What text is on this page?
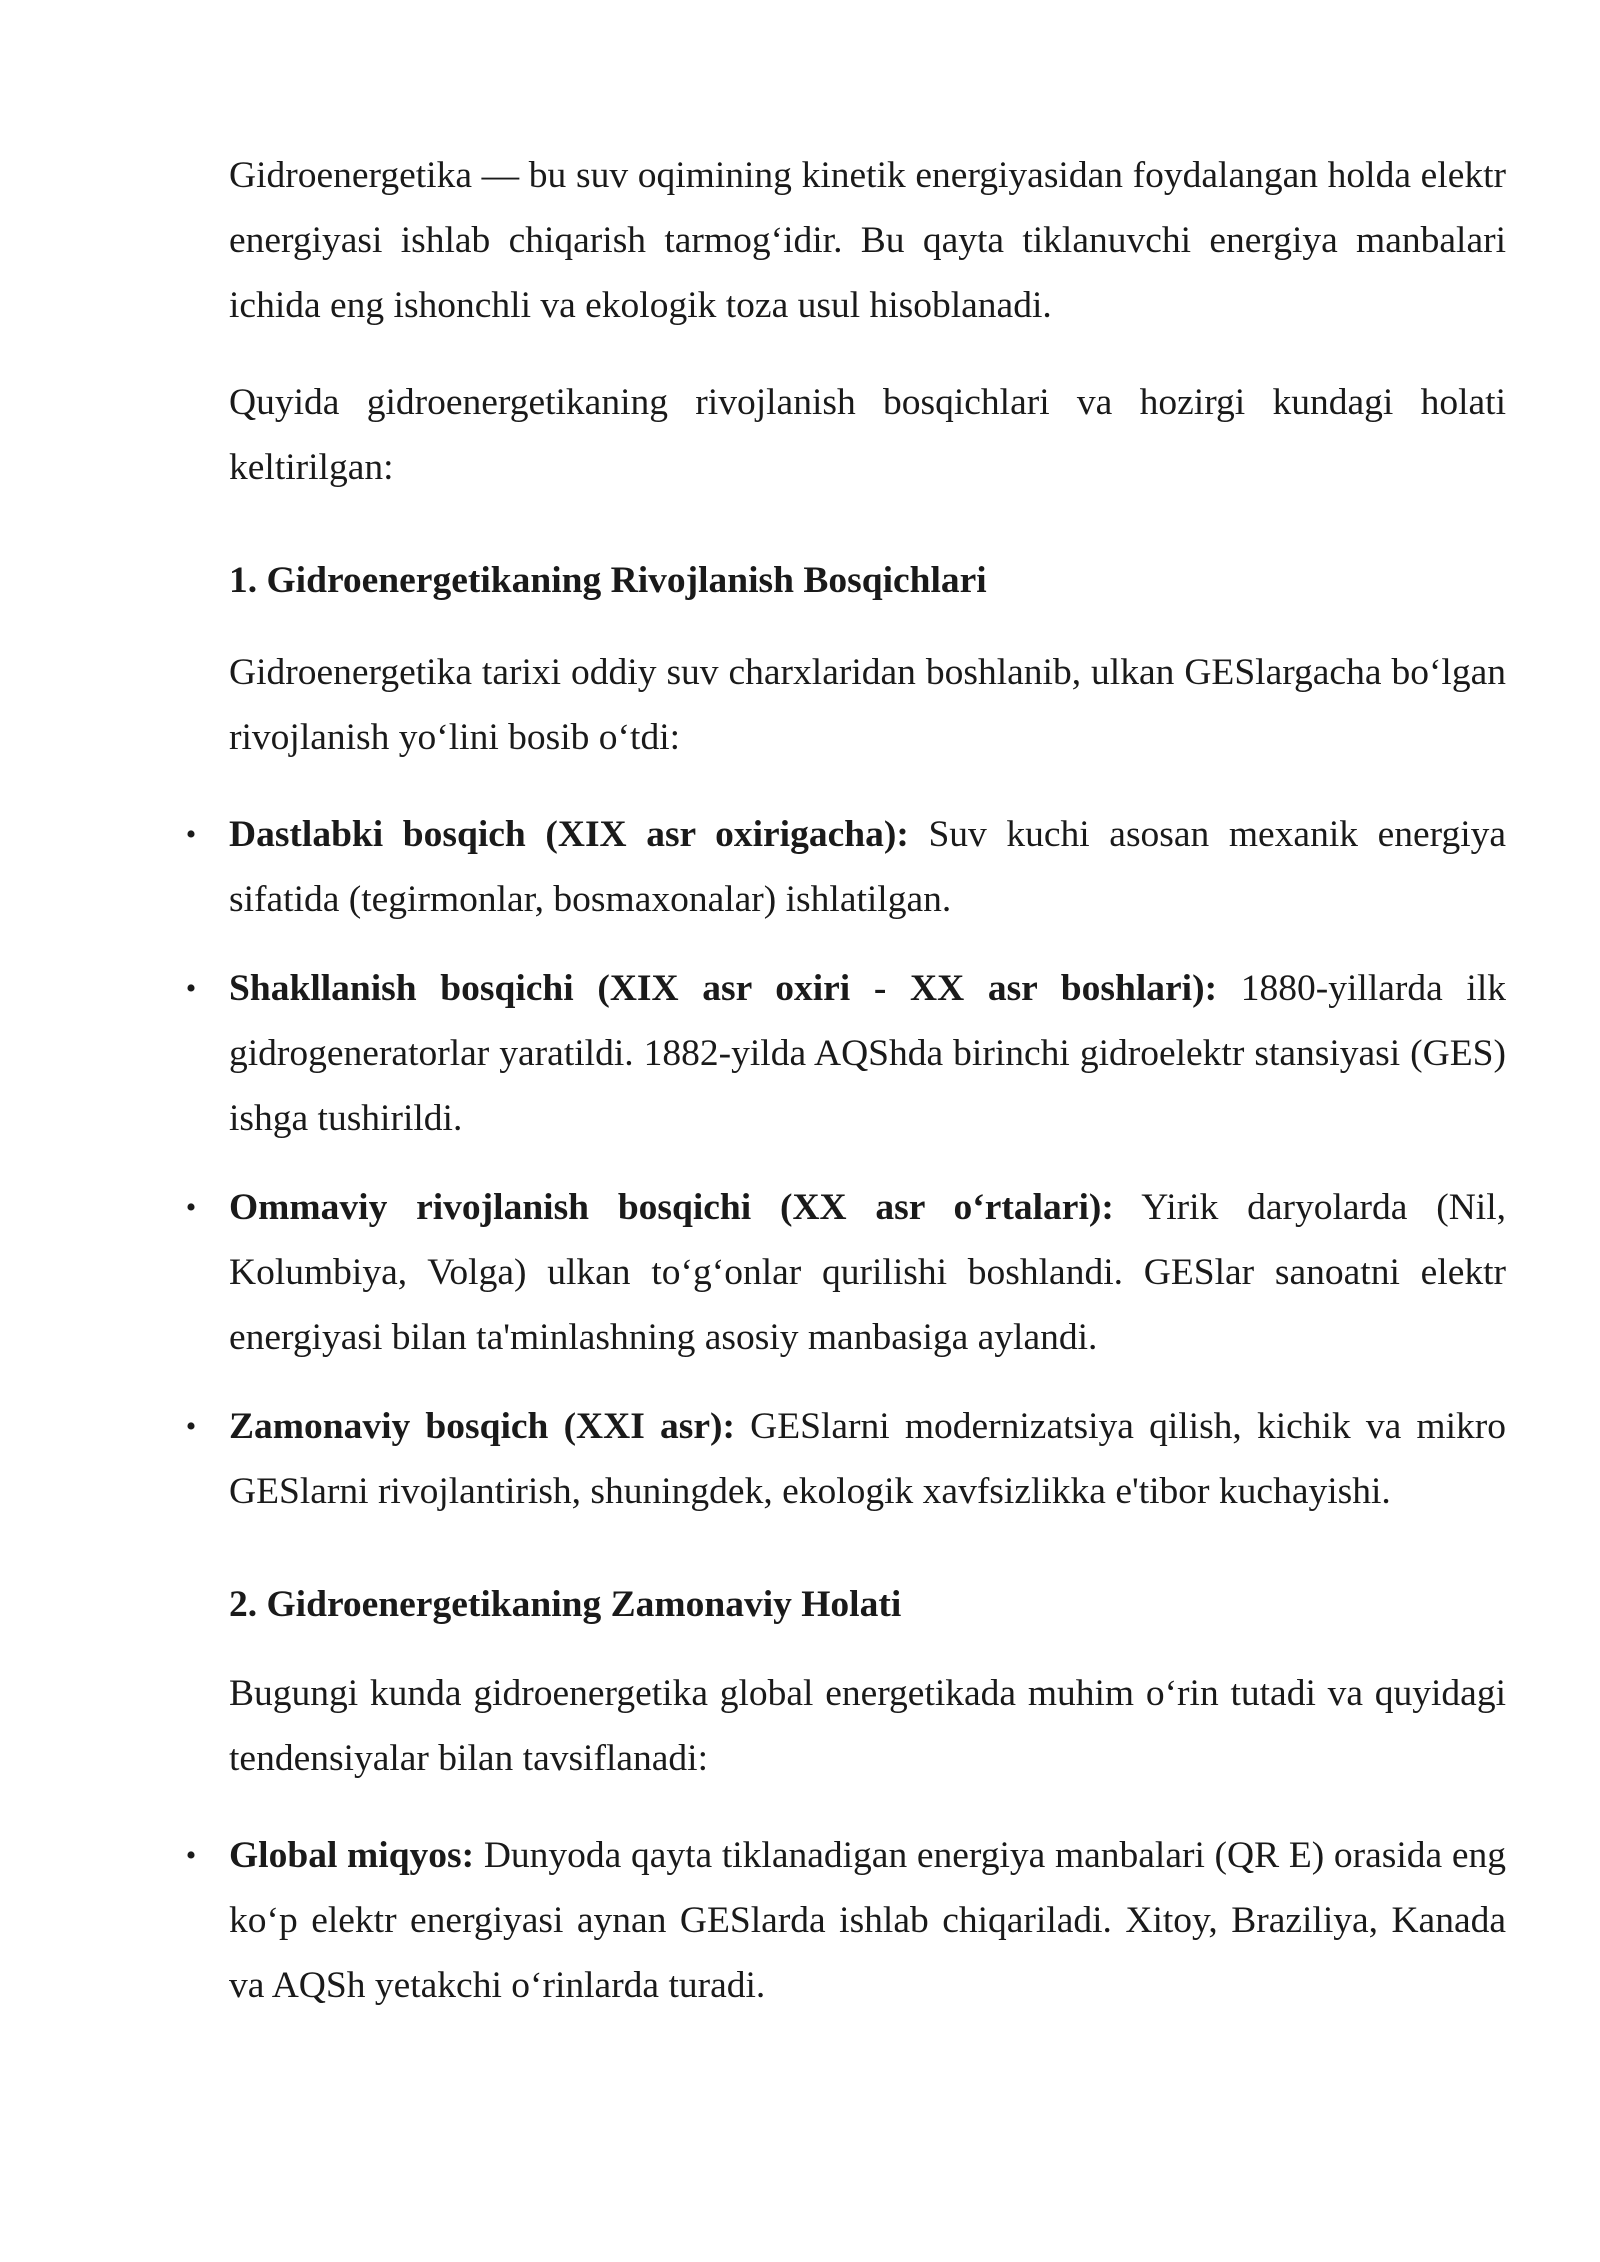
Gidroenergetika — bu suv oqimining kinetik energiyasidan foydalangan holda elektr energiyasi ishlab chiqarish tarmog‘idir. Bu qayta tiklanuvchi energiya manbalari ichida eng ishonchli va ekologik toza usul hisoblanadi.

Quyida gidroenergetikaning rivojlanish bosqichlari va hozirgi kundagi holati keltirilgan:

1. Gidroenergetikaning Rivojlanish Bosqichlari

Gidroenergetika tarixi oddiy suv charxlaridan boshlanib, ulkan GESlargacha bo‘lgan rivojlanish yo‘lini bosib o‘tdi:

• Dastlabki bosqich (XIX asr oxirigacha): Suv kuchi asosan mexanik energiya sifatida (tegirmonlar, bosmaxonalar) ishlatilgan.
• Shakllanish bosqichi (XIX asr oxiri - XX asr boshlari): 1880-yillarda ilk gidrogeneratorlar yaratildi. 1882-yilda AQShda birinchi gidroelektr stansiyasi (GES) ishga tushirildi.
• Ommaviy rivojlanish bosqichi (XX asr o‘rtalari): Yirik daryolarda (Nil, Kolumbiya, Volga) ulkan to‘g‘onlar qurilishi boshlandi. GESlar sanoatni elektr energiyasi bilan ta'minlashning asosiy manbasiga aylandi.
• Zamonaviy bosqich (XXI asr): GESlarni modernizatsiya qilish, kichik va mikro GESlarni rivojlantirish, shuningdek, ekologik xavfsizlikka e'tibor kuchayishi.
2. Gidroenergetikaning Zamonaviy Holati

Bugungi kunda gidroenergetika global energetikada muhim o‘rin tutadi va quyidagi tendensiyalar bilan tavsiflanadi:

• Global miqyos: Dunyoda qayta tiklanadigan energiya manbalari (QR E) orasida eng ko‘p elektr energiyasi aynan GESlarda ishlab chiqariladi. Xitoy, Braziliya, Kanada va AQSh yetakchi o‘rinlarda turadi.
